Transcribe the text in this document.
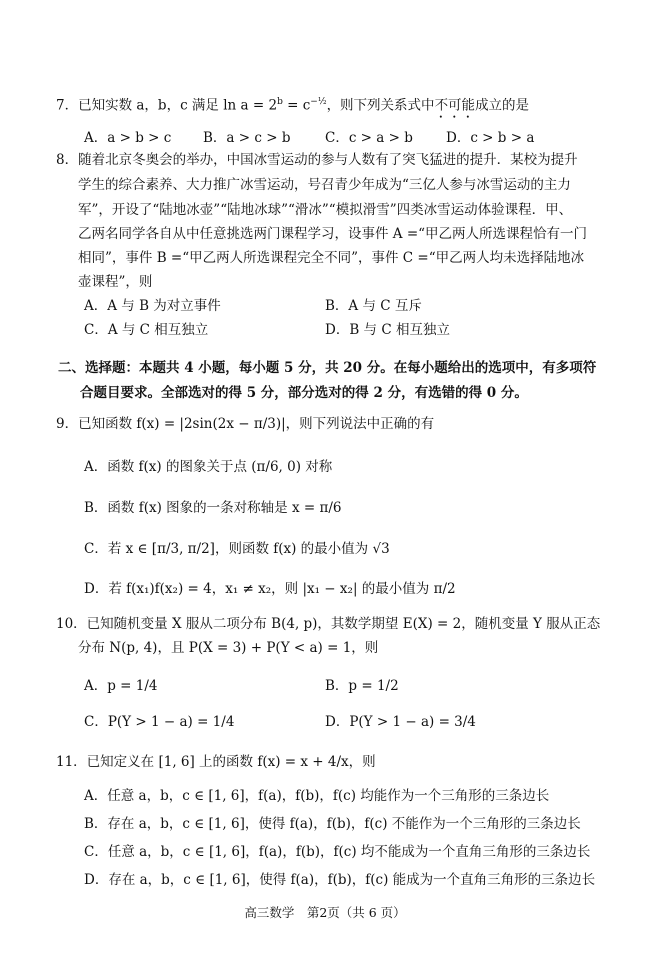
7．已知实数 a，b，c 满足 $\ln a = 2^b = c^{-\frac{1}{2}}$，则下列关系式中不可能成立的是
A．a > b > c B．a > c > b	C．c > a > b D．c > b > a
8．随着北京冬奥会的举办，中国冰雪运动的参与人数有了突飞猛进的提升．某校为提升
学生的综合素养、大力推广冰雪运动，号召青少年成为“三亿人参与冰雪运动的主力
军”，开设了“陆地冰壶”“陆地冰球”“滑冰”“模拟滑雪”四类冰雪运动体验课程．甲、
乙两名同学各自从中任意挑选两门课程学习，设事件 A =“甲乙两人所选课程恰有一门
相同”，事件 B =“甲乙两人所选课程完全不同”，事件 C =“甲乙两人均未选择陆地冰
壶课程”，则
A．A 与 B 为对立事件	B．A 与 C 互斥
C．A 与 C 相互独立	D．B 与 C 相互独立
二、选择题：本题共 4 小题，每小题 5 分，共 20 分。在每小题给出的选项中，有多项符
合题目要求。全部选对的得 5 分，部分选对的得 2 分，有选错的得 0 分。
9．已知函数 f(x) = |2sin(2x − π/3)|，则下列说法中正确的有
A．函数 f(x) 的图象关于点 (π/6, 0) 对称
B．函数 f(x) 图象的一条对称轴是 x = π/6
C．若 x ∈ [π/3, π/2]，则函数 f(x) 的最小值为 √3
D．若 f(x₁)f(x₂) = 4，x₁ ≠ x₂，则 |x₁ − x₂| 的最小值为 π/2
10．已知随机变量 X 服从二项分布 B(4, p)，其数学期望 E(X) = 2，随机变量 Y 服从正态
分布 N(p, 4)，且 P(X = 3) + P(Y < a) = 1，则
A．p = 1/4	B．p = 1/2
C．P(Y > 1 − a) = 1/4	D．P(Y > 1 − a) = 3/4
11．已知定义在 [1, 6] 上的函数 f(x) = x + 4/x，则
A．任意 a，b，c ∈ [1, 6]，f(a)，f(b)，f(c) 均能作为一个三角形的三条边长
B．存在 a，b，c ∈ [1, 6]，使得 f(a)，f(b)，f(c) 不能作为一个三角形的三条边长
C．任意 a，b，c ∈ [1, 6]，f(a)，f(b)，f(c) 均不能成为一个直角三角形的三条边长
D．存在 a，b，c ∈ [1, 6]，使得 f(a)，f(b)，f(c) 能成为一个直角三角形的三条边长
高三数学　第2页（共 6 页）
